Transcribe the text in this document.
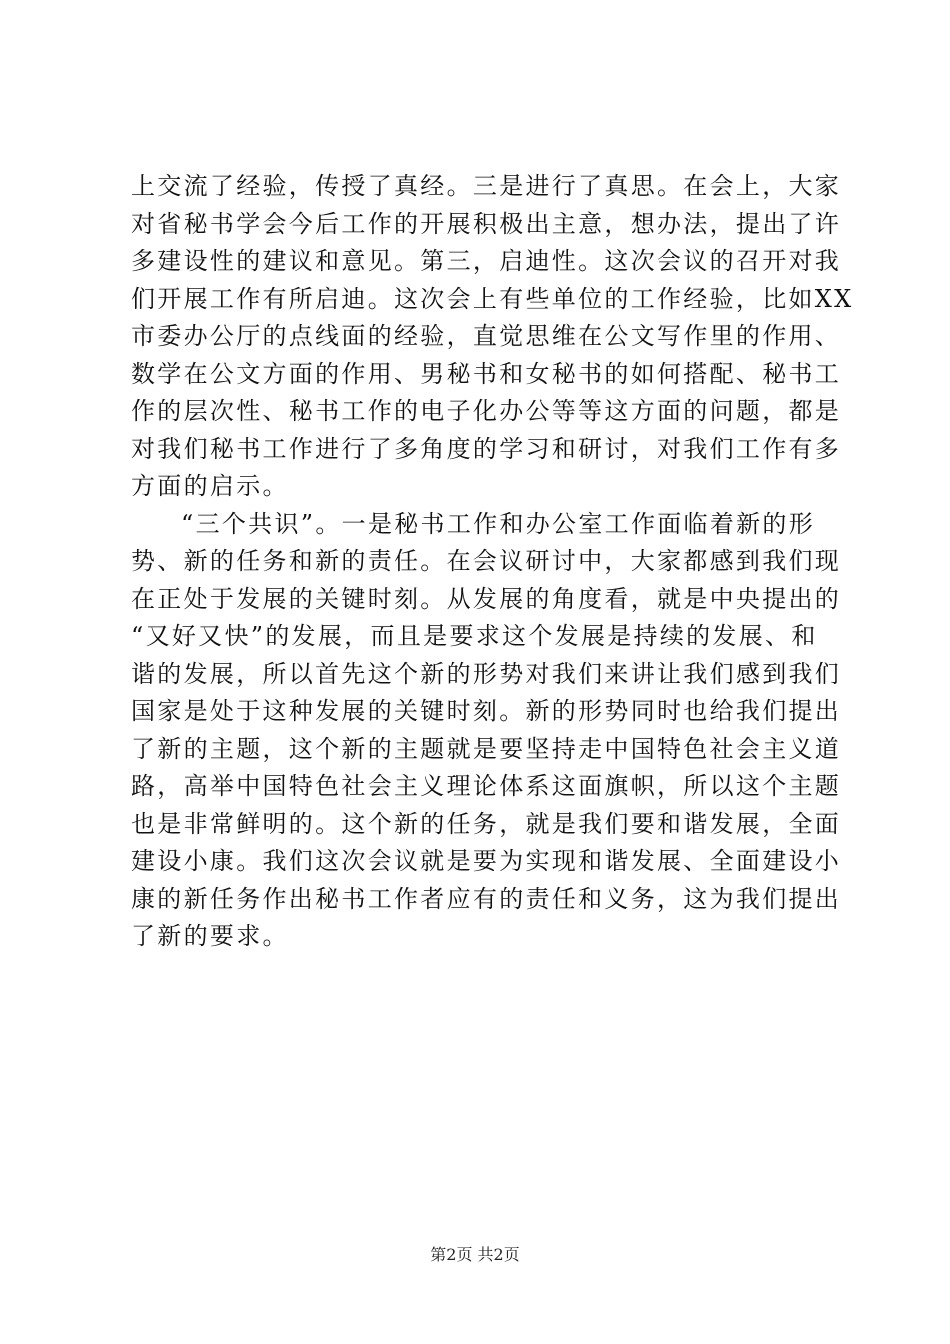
上交流了经验，传授了真经。三是进行了真思。在会上，大家
对省秘书学会今后工作的开展积极出主意，想办法，提出了许
多建设性的建议和意见。第三，启迪性。这次会议的召开对我
们开展工作有所启迪。这次会上有些单位的工作经验，比如XX
市委办公厅的点线面的经验，直觉思维在公文写作里的作用、
数学在公文方面的作用、男秘书和女秘书的如何搭配、秘书工
作的层次性、秘书工作的电子化办公等等这方面的问题，都是
对我们秘书工作进行了多角度的学习和研讨，对我们工作有多
方面的启示。
“三个共识”。一是秘书工作和办公室工作面临着新的形
势、新的任务和新的责任。在会议研讨中，大家都感到我们现
在正处于发展的关键时刻。从发展的角度看，就是中央提出的
“又好又快”的发展，而且是要求这个发展是持续的发展、和
谐的发展，所以首先这个新的形势对我们来讲让我们感到我们
国家是处于这种发展的关键时刻。新的形势同时也给我们提出
了新的主题，这个新的主题就是要坚持走中国特色社会主义道
路，高举中国特色社会主义理论体系这面旗帜，所以这个主题
也是非常鲜明的。这个新的任务，就是我们要和谐发展，全面
建设小康。我们这次会议就是要为实现和谐发展、全面建设小
康的新任务作出秘书工作者应有的责任和义务，这为我们提出
了新的要求。
第2页 共2页
